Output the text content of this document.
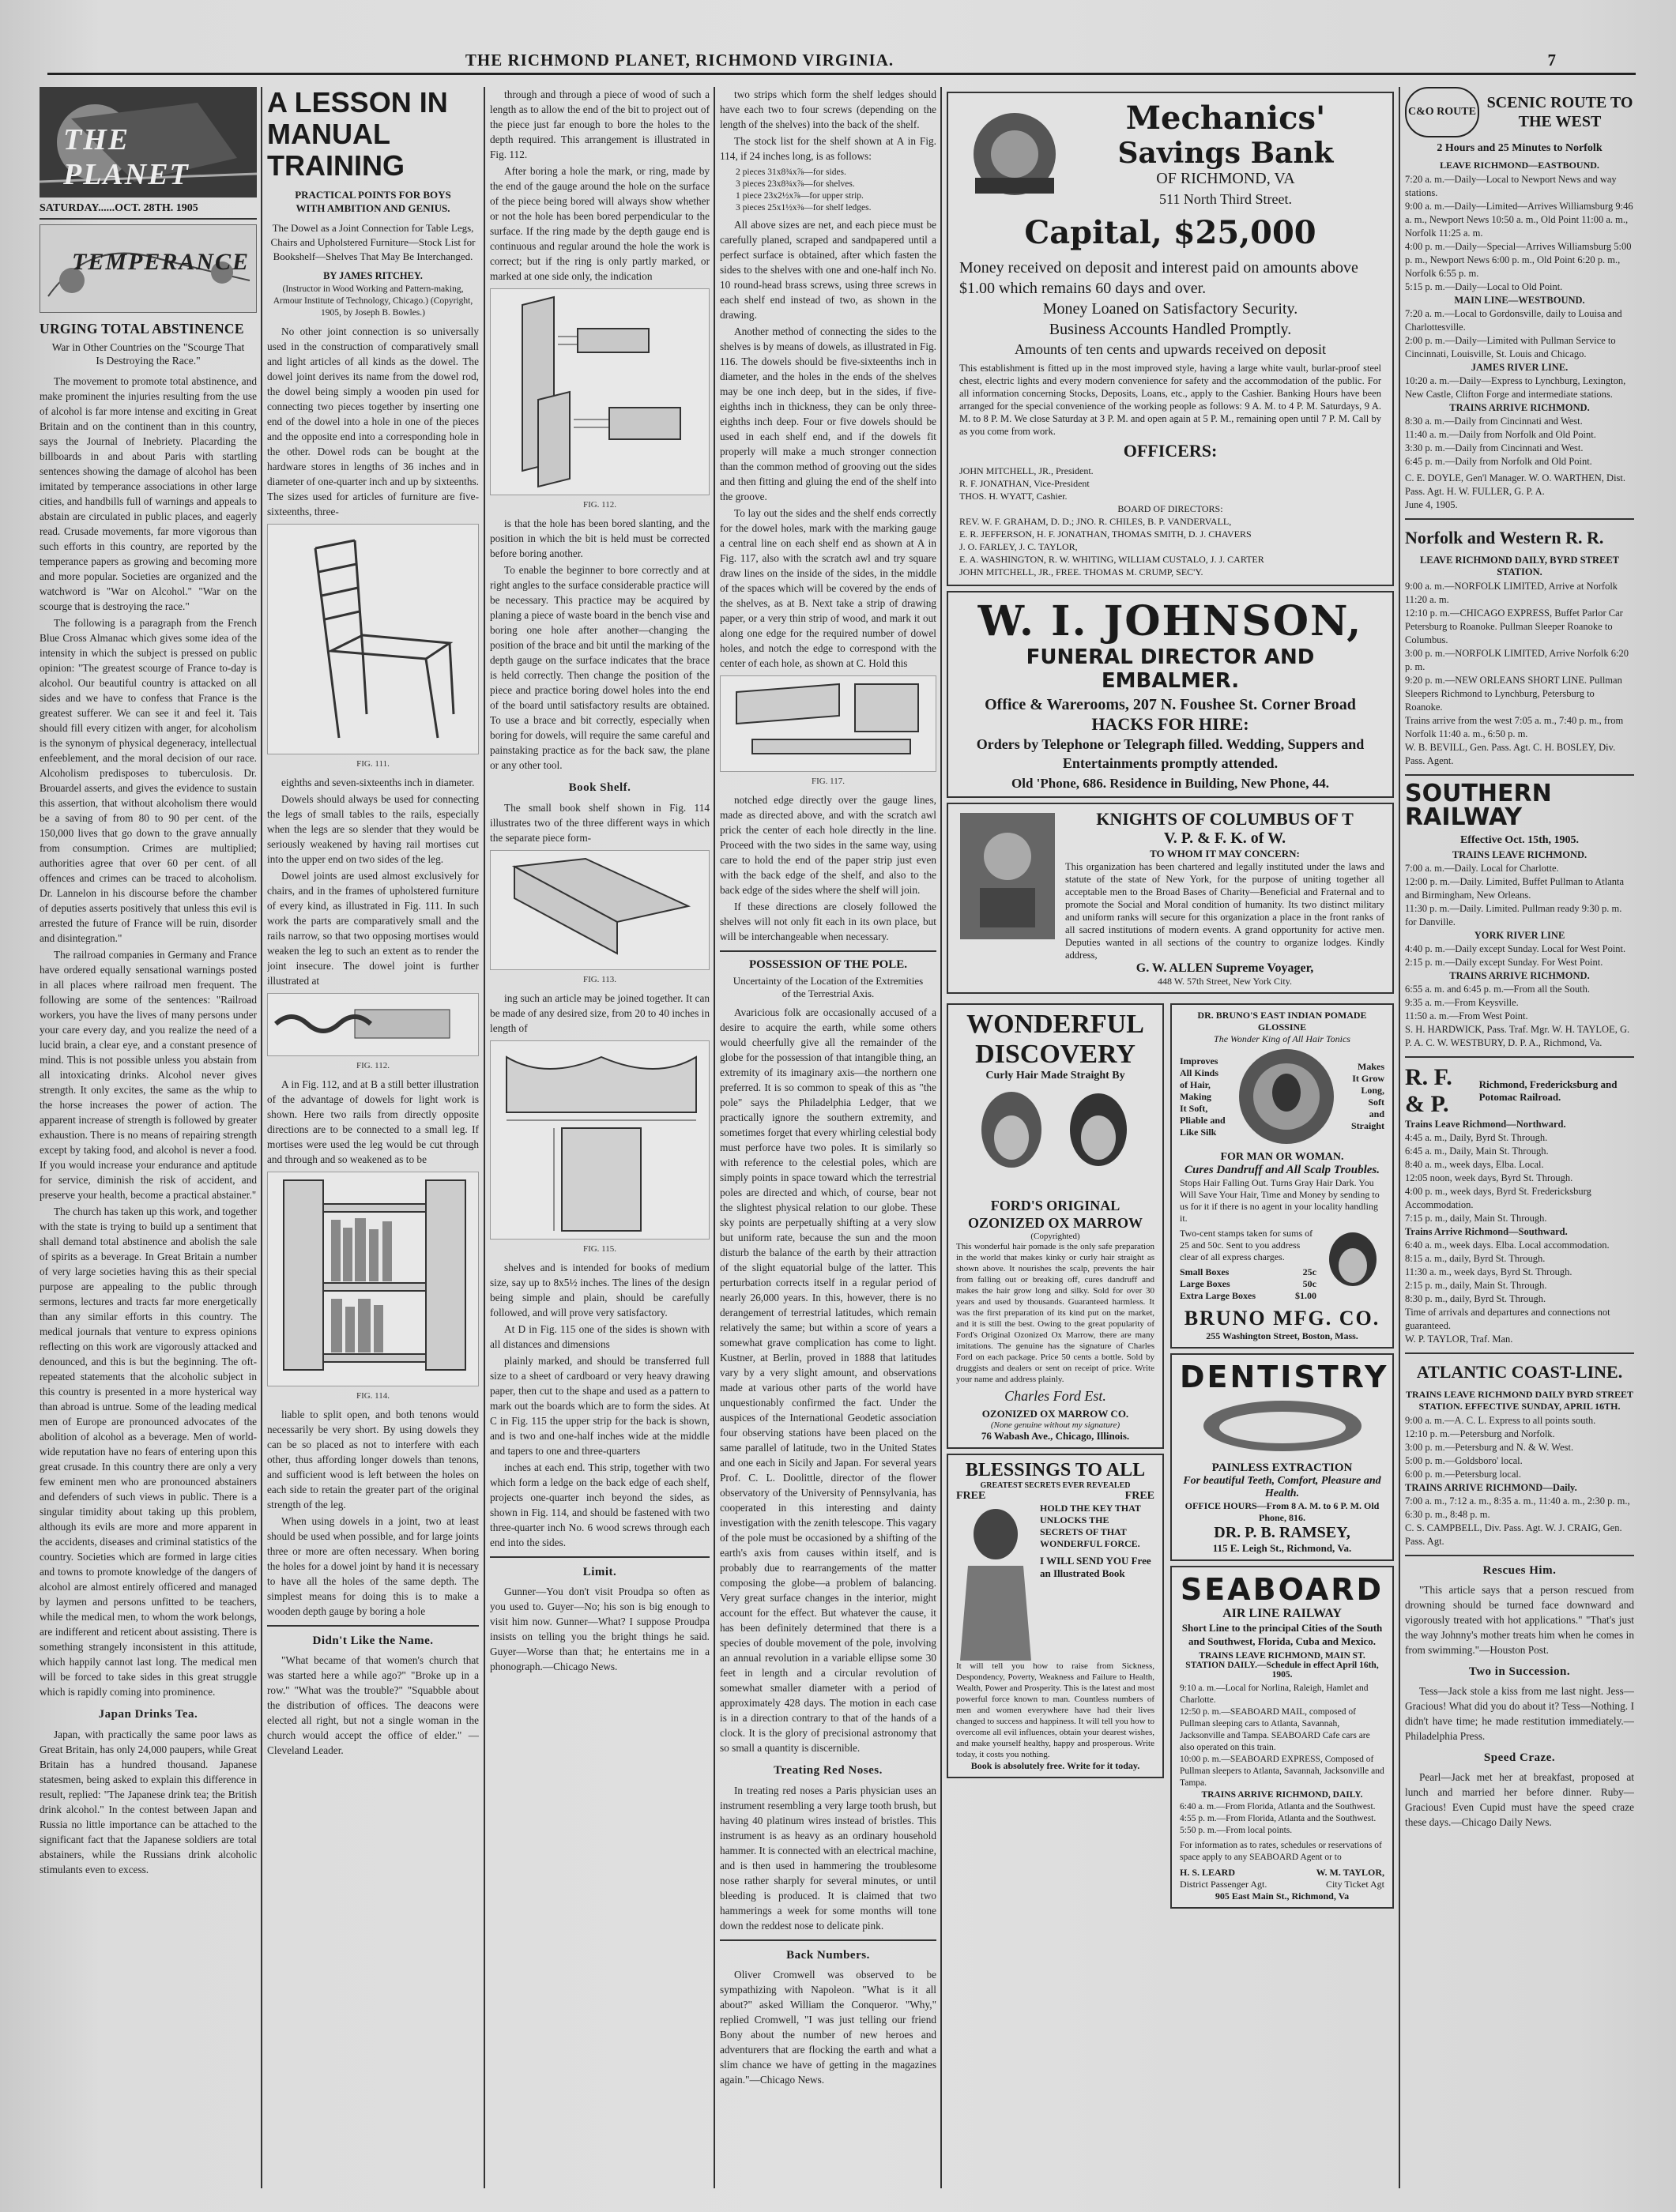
THE RICHMOND PLANET, RICHMOND VIRGINIA.	7
THE PLANET
SATURDAY......OCT. 28TH. 1905
TEMPERANCE
URGING TOTAL ABSTINENCE
War in Other Countries on the "Scourge That Is Destroying the Race."

The movement to promote total abstinence, and make prominent the injuries resulting from the use of alcohol is far more intense and exciting in Great Britain and on the continent than in this country, says the Journal of Inebriety. Placarding the billboards in and about Paris with startling sentences showing the damage of alcohol has been imitated by temperance associations in other large cities, and handbills full of warnings and appeals to abstain are circulated in public places, and eagerly read. Crusade movements, far more vigorous than such efforts in this country, are reported by the temperance papers as growing and becoming more and more popular. Societies are organized and the watchword is "War on Alcohol." "War on the scourge that is destroying the race."

The following is a paragraph from the French Blue Cross Almanac which gives some idea of the intensity in which the subject is pressed on public opinion: "The greatest scourge of France to-day is alcohol. Our beautiful country is attacked on all sides and we have to confess that France is the greatest sufferer. We can see it and feel it. Tais should fill every citizen with anger, for alcoholism is the synonym of physical degeneracy, intellectual enfeeblement, and the moral decision of our race. Alcoholism predisposes to tuberculosis. Dr. Brouardel asserts, and gives the evidence to sustain this assertion, that without alcoholism there would be a saving of from 80 to 90 per cent. of the 150,000 lives that go down to the grave annually from consumption. Crimes are multiplied; authorities agree that over 60 per cent. of all offences and crimes can be traced to alcoholism. Dr. Lannelon in his discourse before the chamber of deputies asserts positively that unless this evil is arrested the future of France will be ruin, disorder and disintegration."

The railroad companies in Germany and France have ordered equally sensational warnings posted in all places where railroad men frequent. The following are some of the sentences: "Railroad workers, you have the lives of many persons under your care every day, and you realize the need of a lucid brain, a clear eye, and a constant presence of mind. This is not possible unless you abstain from all intoxicating drinks. Alcohol never gives strength. It only excites, the same as the whip to the horse increases the power of action. The apparent increase of strength is followed by greater exhaustion. There is no means of repairing strength except by taking food, and alcohol is never a food. If you would increase your endurance and aptitude for service, diminish the risk of accident, and preserve your health, become a practical abstainer."

The church has taken up this work, and together with the state is trying to build up a sentiment that shall demand total abstinence and abolish the sale of spirits as a beverage. In Great Britain a number of very large societies having this as their special purpose are appealing to the public through sermons, lectures and tracts far more energetically than any similar efforts in this country. The medical journals that venture to express opinions reflecting on this work are vigorously attacked and denounced, and this is but the beginning. The oft-repeated statements that the alcoholic subject in this country is presented in a more hysterical way than abroad is untrue. Some of the leading medical men of Europe are pronounced advocates of the abolition of alcohol as a beverage. Men of world-wide reputation have no fears of entering upon this great crusade. In this country there are only a very few eminent men who are pronounced abstainers and defenders of such views in public. There is a singular timidity about taking up this problem, although its evils are more and more apparent in the accidents, diseases and criminal statistics of the country. Societies which are formed in large cities and towns to promote knowledge of the dangers of alcohol are almost entirely officered and managed by laymen and persons unfitted to be teachers, while the medical men, to whom the work belongs, are indifferent and reticent about assisting. There is something strangely inconsistent in this attitude, which happily cannot last long. The medical men will be forced to take sides in this great struggle which is rapidly coming into prominence.

Japan Drinks Tea.

Japan, with practically the same poor laws as Great Britain, has only 24,000 paupers, while Great Britain has a hundred thousand. Japanese statesmen, being asked to explain this difference in result, replied: "The Japanese drink tea; the British drink alcohol." In the contest between Japan and Russia no little importance can be attached to the significant fact that the Japanese soldiers are total abstainers, while the Russians drink alcoholic stimulants even to excess.

A LESSON IN MANUAL TRAINING
PRACTICAL POINTS FOR BOYS WITH AMBITION AND GENIUS.
The Dowel as a Joint Connection for Table Legs, Chairs and Upholstered Furniture—Stock List for Bookshelf—Shelves That May Be Interchanged.
BY JAMES RITCHEY.
(Instructor in Wood Working and Pattern-making, Armour Institute of Technology, Chicago.) (Copyright, 1905, by Joseph B. Bowles.)

No other joint connection is so universally used in the construction of comparatively small and light articles of all kinds as the dowel. The dowel joint derives its name from the dowel rod, the dowel being simply a wooden pin used for connecting two pieces together by inserting one end of the dowel into a hole in one of the pieces and the opposite end into a corresponding hole in the other. Dowel rods can be bought at the hardware stores in lengths of 36 inches and in diameter of one-quarter inch and up by sixteenths. The sizes used for articles of furniture are five-sixteenths, three-

FIG. 111.

eighths and seven-sixteenths inch in diameter.

Dowels should always be used for connecting the legs of small tables to the rails, especially when the legs are so slender that they would be seriously weakened by having rail mortises cut into the upper end on two sides of the leg.

Dowel joints are used almost exclusively for chairs, and in the frames of upholstered furniture of every kind, as illustrated in Fig. 111. In such work the parts are comparatively small and the rails narrow, so that two opposing mortises would weaken the leg to such an extent as to render the joint insecure. The dowel joint is further illustrated at

FIG. 112.

A in Fig. 112, and at B a still better illustration of the advantage of dowels for light work is shown. Here two rails from directly opposite directions are to be connected to a small leg. If mortises were used the leg would be cut through and through and so weakened as to be

FIG. 114.

liable to split open, and both tenons would necessarily be very short. By using dowels they can be so placed as not to interfere with each other, thus affording longer dowels than tenons, and sufficient wood is left between the holes on each side to retain the greater part of the original strength of the leg.

When using dowels in a joint, two at least should be used when possible, and for large joints three or more are often necessary. When boring the holes for a dowel joint by hand it is necessary to have all the holes of the same depth. The simplest means for doing this is to make a wooden depth gauge by boring a hole

Didn't Like the Name.

"What became of that women's church that was started here a while ago?" "Broke up in a row." "What was the trouble?" "Squabble about the distribution of offices. The deacons were elected all right, but not a single woman in the church would accept the office of elder." —Cleveland Leader.

through and through a piece of wood of such a length as to allow the end of the bit to project out of the piece just far enough to bore the holes to the depth required. This arrangement is illustrated in Fig. 112.

After boring a hole the mark, or ring, made by the end of the gauge around the hole on the surface of the piece being bored will always show whether or not the hole has been bored perpendicular to the surface. If the ring made by the depth gauge end is continuous and regular around the hole the work is correct; but if the ring is only partly marked, or marked at one side only, the indication

FIG. 112.

is that the hole has been bored slanting, and the position in which the bit is held must be corrected before boring another.

To enable the beginner to bore correctly and at right angles to the surface considerable practice will be necessary. This practice may be acquired by planing a piece of waste board in the bench vise and boring one hole after another—changing the position of the brace and bit until the marking of the depth gauge on the surface indicates that the brace is held correctly. Then change the position of the piece and practice boring dowel holes into the end of the board until satisfactory results are obtained. To use a brace and bit correctly, especially when boring for dowels, will require the same careful and painstaking practice as for the back saw, the plane or any other tool.

Book Shelf.

The small book shelf shown in Fig. 114 illustrates two of the three different ways in which the separate piece form-

FIG. 113.

ing such an article may be joined together. It can be made of any desired size, from 20 to 40 inches in length of

FIG. 115.

shelves and is intended for books of medium size, say up to 8x5½ inches. The lines of the design being simple and plain, should be carefully followed, and will prove very satisfactory.

At D in Fig. 115 one of the sides is shown with all distances and dimensions

plainly marked, and should be transferred full size to a sheet of cardboard or very heavy drawing paper, then cut to the shape and used as a pattern to mark out the boards which are to form the sides. At C in Fig. 115 the upper strip for the back is shown, and is two and one-half inches wide at the middle and tapers to one and three-quarters

inches at each end. This strip, together with two which form a ledge on the back edge of each shelf, projects one-quarter inch beyond the sides, as shown in Fig. 114, and should be fastened with two three-quarter inch No. 6 wood screws through each end into the sides.

Limit.

Gunner—You don't visit Proudpa so often as you used to. Guyer—No; his son is big enough to visit him now. Gunner—What? I suppose Proudpa insists on telling you the bright things he said. Guyer—Worse than that; he entertains me in a phonograph.—Chicago News.

two strips which form the shelf ledges should have each two to four screws (depending on the length of the shelves) into the back of the shelf.

The stock list for the shelf shown at A in Fig. 114, if 24 inches long, is as follows:

2 pieces 31x8¾x⅞—for sides.
3 pieces 23x8¾x⅞—for shelves.
1 piece 23x2½x⅞—for upper strip.
3 pieces 25x1½x⅜—for shelf ledges.

All above sizes are net, and each piece must be carefully planed, scraped and sandpapered until a perfect surface is obtained, after which fasten the sides to the shelves with one and one-half inch No. 10 round-head brass screws, using three screws in each shelf end instead of two, as shown in the drawing.

Another method of connecting the sides to the shelves is by means of dowels, as illustrated in Fig. 116. The dowels should be five-sixteenths inch in diameter, and the holes in the ends of the shelves may be one inch deep, but in the sides, if five-eighths inch in thickness, they can be only three-eighths inch deep. Four or five dowels should be used in each shelf end, and if the dowels fit properly will make a much stronger connection than the common method of grooving out the sides and then fitting and gluing the end of the shelf into the groove.

To lay out the sides and the shelf ends correctly for the dowel holes, mark with the marking gauge a central line on each shelf end as shown at A in Fig. 117, also with the scratch awl and try square draw lines on the inside of the sides, in the middle of the spaces which will be covered by the ends of the shelves, as at B. Next take a strip of drawing paper, or a very thin strip of wood, and mark it out along one edge for the required number of dowel holes, and notch the edge to correspond with the center of each hole, as shown at C. Hold this

FIG. 117.

notched edge directly over the gauge lines, made as directed above, and with the scratch awl prick the center of each hole directly in the line. Proceed with the two sides in the same way, using care to hold the end of the paper strip just even with the back edge of the shelf, and also to the back edge of the sides where the shelf will join.

If these directions are closely followed the shelves will not only fit each in its own place, but will be interchangeable when necessary.

POSSESSION OF THE POLE.
Uncertainty of the Location of the Extremities of the Terrestrial Axis.

Avaricious folk are occasionally accused of a desire to acquire the earth, while some others would cheerfully give all the remainder of the globe for the possession of that intangible thing, an extremity of its imaginary axis—the northern one preferred. It is so common to speak of this as "the pole" says the Philadelphia Ledger, that we practically ignore the southern extremity, and sometimes forget that every whirling celestial body must perforce have two poles. It is similarly so with reference to the celestial poles, which are simply points in space toward which the terrestrial poles are directed and which, of course, bear not the slightest physical relation to our globe. These sky points are perpetually shifting at a very slow but uniform rate, because the sun and the moon disturb the balance of the earth by their attraction of the slight equatorial bulge of the latter. This perturbation corrects itself in a regular period of nearly 26,000 years. In this, however, there is no derangement of terrestrial latitudes, which remain relatively the same; but within a score of years a somewhat grave complication has come to light. Kustner, at Berlin, proved in 1888 that latitudes vary by a very slight amount, and observations made at various other parts of the world have unquestionably confirmed the fact. Under the auspices of the International Geodetic association four observing stations have been placed on the same parallel of latitude, two in the United States and one each in Sicily and Japan. For several years Prof. C. L. Doolittle, director of the flower observatory of the University of Pennsylvania, has cooperated in this interesting and dainty investigation with the zenith telescope. This vagary of the pole must be occasioned by a shifting of the earth's axis from causes within itself, and is probably due to rearrangements of the matter composing the globe—a problem of balancing. Very great surface changes in the interior, might account for the effect. But whatever the cause, it has been definitely determined that there is a species of double movement of the pole, involving an annual revolution in a variable ellipse some 30 feet in length and a circular revolution of somewhat smaller diameter with a period of approximately 428 days. The motion in each case is in a direction contrary to that of the hands of a clock. It is the glory of precisional astronomy that so small a quantity is discernible.

Treating Red Noses.

In treating red noses a Paris physician uses an instrument resembling a very large tooth brush, but having 40 platinum wires instead of bristles. This instrument is as heavy as an ordinary household hammer. It is connected with an electrical machine, and is then used in hammering the troublesome nose rather sharply for several minutes, or until bleeding is produced. It is claimed that two hammerings a week for some months will tone down the reddest nose to delicate pink.

Back Numbers.

Oliver Cromwell was observed to be sympathizing with Napoleon. "What is it all about?" asked William the Conqueror. "Why," replied Cromwell, "I was just telling our friend Bony about the number of new heroes and adventurers that are flocking the earth and what a slim chance we have of getting in the magazines again."—Chicago News.

Mechanics'
Savings Bank
OF RICHMOND, VA
511 North Third Street.
Capital, $25,000
Money received on deposit and interest paid on amounts above $1.00 which remains 60 days and over.
Money Loaned on Satisfactory Security.
Business Accounts Handled Promptly.
Amounts of ten cents and upwards received on deposit
This establishment is fitted up in the most improved style, having a large white vault, burlar-proof steel chest, electric lights and every modern convenience for safety and the accommodation of the public. For all information concerning Stocks, Deposits, Loans, etc., apply to the Cashier. Banking Hours have been arranged for the special convenience of the working people as follows: 9 A. M. to 4 P. M. Saturdays, 9 A. M. to 8 P. M. We close Saturday at 3 P. M. and open again at 5 P. M., remaining open until 7 P. M. Call by as you come from work.
OFFICERS:
JOHN MITCHELL, JR., President.
R. F. JONATHAN, Vice-President
THOS. H. WYATT, Cashier.
BOARD OF DIRECTORS:
REV. W. F. GRAHAM, D. D.; JNO. R. CHILES, B. P. VANDERVALL,
E. R. JEFFERSON, H. F. JONATHAN, THOMAS SMITH, D. J. CHAVERS
J. O. FARLEY, J. C. TAYLOR,
E. A. WASHINGTON, R. W. WHITING, WILLIAM CUSTALO, J. J. CARTER
JOHN MITCHELL, JR., FREE. THOMAS M. CRUMP, SEC'Y.
W. I. JOHNSON,
FUNERAL DIRECTOR AND EMBALMER.
Office & Warerooms, 207 N. Foushee St. Corner Broad
HACKS FOR HIRE:
Orders by Telephone or Telegraph filled. Wedding, Suppers and Entertainments promptly attended.
Old 'Phone, 686. Residence in Building, New Phone, 44.
KNIGHTS OF COLUMBUS OF T
V. P. & F. K. of W.
TO WHOM IT MAY CONCERN:
This organization has been chartered and legally instituted under the laws and statute of the state of New York, for the purpose of uniting together all acceptable men to the Broad Bases of Charity—Beneficial and Fraternal and to promote the Social and Moral condition of humanity. Its two distinct military and uniform ranks will secure for this organization a place in the front ranks of all sacred institutions of modern events. A grand opportunity for active men. Deputies wanted in all sections of the country to organize lodges. Kindly address,
G. W. ALLEN Supreme Voyager,
448 W. 57th Street, New York City.
WONDERFUL
DISCOVERY
Curly Hair Made Straight By
FORD'S ORIGINAL OZONIZED OX MARROW
(Copyrighted)
This wonderful hair pomade is the only safe preparation in the world that makes kinky or curly hair straight as shown above. It nourishes the scalp, prevents the hair from falling out or breaking off, cures dandruff and makes the hair grow long and silky. Sold for over 30 years and used by thousands. Guaranteed harmless. It was the first preparation of its kind put on the market, and it is still the best. Owing to the great popularity of Ford's Original Ozonized Ox Marrow, there are many imitations. The genuine has the signature of Charles Ford on each package. Price 50 cents a bottle. Sold by druggists and dealers or sent on receipt of price. Write your name and address plainly.
Charles Ford Est.
OZONIZED OX MARROW CO.
(None genuine without my signature)
76 Wabash Ave., Chicago, Illinois.
BLESSINGS TO ALL
GREATEST SECRETS EVER REVEALED
FREE	FREE
HOLD THE KEY THAT UNLOCKS THE SECRETS OF THAT WONDERFUL FORCE.
I WILL SEND YOU Free an Illustrated Book
It will tell you how to raise from Sickness, Despondency, Poverty, Weakness and Failure to Health, Wealth, Power and Prosperity. This is the latest and most powerful force known to man. Countless numbers of men and women everywhere have had their lives changed to success and happiness. It will tell you how to overcome all evil influences, obtain your dearest wishes, and make yourself healthy, happy and prosperous. Write today, it costs you nothing.
Book is absolutely free. Write for it today.
DR. BRUNO'S EAST INDIAN POMADE GLOSSINE
The Wonder King of All Hair Tonics
Improves
All Kinds
of Hair,
Making
It Soft,
Pliable and
Like Silk
Makes
It Grow
Long,
Soft
and
Straight
FOR MAN OR WOMAN.
Cures Dandruff and All Scalp Troubles.
Stops Hair Falling Out. Turns Gray Hair Dark. You Will Save Your Hair, Time and Money by sending to us for it if there is no agent in your locality handling it.
Two-cent stamps taken for sums of 25 and 50c. Sent to you address clear of all express charges.
Small Boxes	25c
Large Boxes	50c
Extra Large Boxes	$1.00
BRUNO MFG. CO.
255 Washington Street, Boston, Mass.
DENTISTRY
PAINLESS EXTRACTION
For beautiful Teeth, Comfort, Pleasure and Health.
OFFICE HOURS—From 8 A. M. to 6 P. M. Old Phone, 816.
DR. P. B. RAMSEY,
115 E. Leigh St., Richmond, Va.
SEABOARD
AIR LINE RAILWAY
Short Line to the principal Cities of the South and Southwest, Florida, Cuba and Mexico.
TRAINS LEAVE RICHMOND, MAIN ST. STATION DAILY.—Schedule in effect April 16th, 1905.
9:10 a. m.—Local for Norlina, Raleigh, Hamlet and Charlotte.
12:50 p. m.—SEABOARD MAIL, composed of Pullman sleeping cars to Atlanta, Savannah, Jacksonville and Tampa. SEABOARD Cafe cars are also operated on this train.
10:00 p. m.—SEABOARD EXPRESS, Composed of Pullman sleepers to Atlanta, Savannah, Jacksonville and Tampa.
TRAINS ARRIVE RICHMOND, DAILY.
6:40 a. m.—From Florida, Atlanta and the Southwest.
4:55 p. m.—From Florida, Atlanta and the Southwest.
5:50 p. m.—From local points.
For information as to rates, schedules or reservations of space apply to any SEABOARD Agent or to
H. S. LEARD
District Passenger Agt.
W. M. TAYLOR,
City Ticket Agt
905 East Main St., Richmond, Va
C&O ROUTE
SCENIC ROUTE TO THE WEST
2 Hours and 25 Minutes to Norfolk
LEAVE RICHMOND—EASTBOUND.
7:20 a. m.—Daily—Local to Newport News and way stations.
9:00 a. m.—Daily—Limited—Arrives Williamsburg 9:46 a. m., Newport News 10:50 a. m., Old Point 11:00 a. m., Norfolk 11:25 a. m.
4:00 p. m.—Daily—Special—Arrives Williamsburg 5:00 p. m., Newport News 6:00 p. m., Old Point 6:20 p. m., Norfolk 6:55 p. m.
5:15 p. m.—Daily—Local to Old Point.
MAIN LINE—WESTBOUND.
7:20 a. m.—Local to Gordonsville, daily to Louisa and Charlottesville.
2:00 p. m.—Daily—Limited with Pullman Service to Cincinnati, Louisville, St. Louis and Chicago.
JAMES RIVER LINE.
10:20 a. m.—Daily—Express to Lynchburg, Lexington, New Castle, Clifton Forge and intermediate stations.
TRAINS ARRIVE RICHMOND.
8:30 a. m.—Daily from Cincinnati and West.
11:40 a. m.—Daily from Norfolk and Old Point.
3:30 p. m.—Daily from Cincinnati and West.
6:45 p. m.—Daily from Norfolk and Old Point.
C. E. DOYLE, Gen'l Manager. W. O. WARTHEN, Dist. Pass. Agt. H. W. FULLER, G. P. A.
June 4, 1905.
Norfolk and Western R. R.
LEAVE RICHMOND DAILY, BYRD STREET STATION.
9:00 a. m.—NORFOLK LIMITED, Arrive at Norfolk 11:20 a. m.
12:10 p. m.—CHICAGO EXPRESS, Buffet Parlor Car Petersburg to Roanoke. Pullman Sleeper Roanoke to Columbus.
3:00 p. m.—NORFOLK LIMITED, Arrive Norfolk 6:20 p. m.
9:20 p. m.—NEW ORLEANS SHORT LINE. Pullman Sleepers Richmond to Lynchburg, Petersburg to Roanoke.
Trains arrive from the west 7:05 a. m., 7:40 p. m., from Norfolk 11:40 a. m., 6:50 p. m.
W. B. BEVILL, Gen. Pass. Agt. C. H. BOSLEY, Div. Pass. Agent.
SOUTHERN RAILWAY
Effective Oct. 15th, 1905.
TRAINS LEAVE RICHMOND.
7:00 a. m.—Daily. Local for Charlotte.
12:00 p. m.—Daily. Limited, Buffet Pullman to Atlanta and Birmingham, New Orleans.
11:30 p. m.—Daily. Limited. Pullman ready 9:30 p. m. for Danville.
YORK RIVER LINE
4:40 p. m.—Daily except Sunday. Local for West Point.
2:15 p. m.—Daily except Sunday. For West Point.
TRAINS ARRIVE RICHMOND.
6:55 a. m. and 6:45 p. m.—From all the South.
9:35 a. m.—From Keysville.
11:50 a. m.—From West Point.
S. H. HARDWICK, Pass. Traf. Mgr. W. H. TAYLOE, G. P. A. C. W. WESTBURY, D. P. A., Richmond, Va.
R. F. & P.
Richmond, Fredericksburg and Potomac Railroad.
Trains Leave Richmond—Northward.
4:45 a. m., Daily, Byrd St. Through.
6:45 a. m., Daily, Main St. Through.
8:40 a. m., week days, Elba. Local.
12:05 noon, week days, Byrd St. Through.
4:00 p. m., week days, Byrd St. Fredericksburg Accommodation.
7:15 p. m., daily, Main St. Through.
Trains Arrive Richmond—Southward.
6:40 a. m., week days. Elba. Local accommodation.
8:15 a. m., daily, Byrd St. Through.
11:30 a. m., week days, Byrd St. Through.
2:15 p. m., daily, Main St. Through.
8:30 p. m., daily, Byrd St. Through.
Time of arrivals and departures and connections not guaranteed.
W. P. TAYLOR, Traf. Man.
ATLANTIC COAST-LINE.
TRAINS LEAVE RICHMOND DAILY BYRD STREET STATION. EFFECTIVE SUNDAY, APRIL 16TH.
9:00 a. m.—A. C. L. Express to all points south.
12:10 p. m.—Petersburg and Norfolk.
3:00 p. m.—Petersburg and N. & W. West.
5:00 p. m.—Goldsboro' local.
6:00 p. m.—Petersburg local.
TRAINS ARRIVE RICHMOND—Daily.
7:00 a. m., 7:12 a. m., 8:35 a. m., 11:40 a. m., 2:30 p. m., 6:30 p. m., 8:48 p. m.
C. S. CAMPBELL, Div. Pass. Agt. W. J. CRAIG, Gen. Pass. Agt.
Rescues Him.

"This article says that a person rescued from drowning should be turned face downward and vigorously treated with hot applications." "That's just the way Johnny's mother treats him when he comes in from swimming."—Houston Post.

Two in Succession.

Tess—Jack stole a kiss from me last night. Jess—Gracious! What did you do about it? Tess—Nothing. I didn't have time; he made restitution immediately.—Philadelphia Press.

Speed Craze.

Pearl—Jack met her at breakfast, proposed at lunch and married her before dinner. Ruby—Gracious! Even Cupid must have the speed craze these days.—Chicago Daily News.
